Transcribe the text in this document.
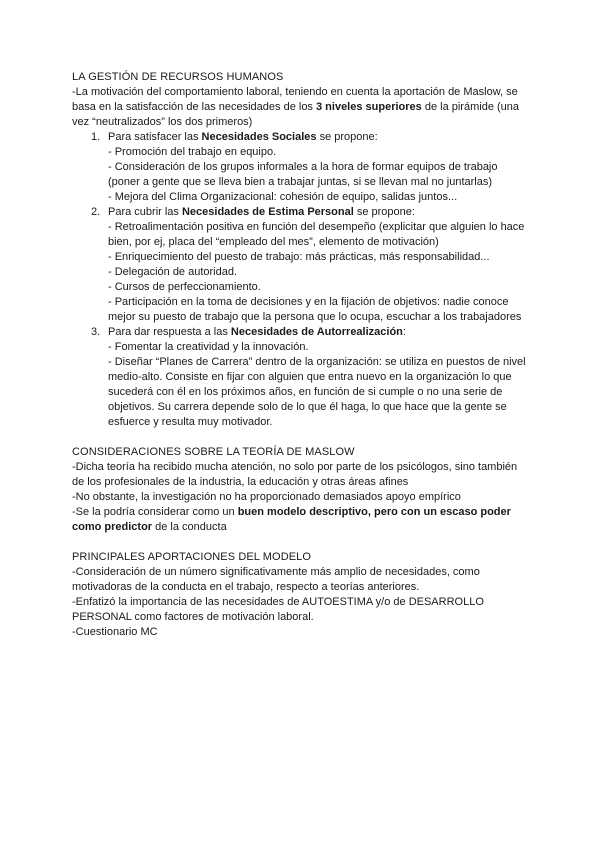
LA GESTIÓN DE RECURSOS HUMANOS
-La motivación del comportamiento laboral, teniendo en cuenta la aportación de Maslow, se basa en la satisfacción de las necesidades de los 3 niveles superiores de la pirámide (una vez “neutralizados” los dos primeros)
1. Para satisfacer las Necesidades Sociales se propone:
- Promoción del trabajo en equipo.
- Consideración de los grupos informales a la hora de formar equipos de trabajo (poner a gente que se lleva bien a trabajar juntas, si se llevan mal no juntarlas)
- Mejora del Clima Organizacional: cohesión de equipo, salidas juntos...
2. Para cubrir las Necesidades de Estima Personal se propone:
- Retroalimentación positiva en función del desempeño (explicitar que alguien lo hace bien, por ej, placa del “empleado del mes”, elemento de motivación)
- Enriquecimiento del puesto de trabajo: más prácticas, más responsabilidad...
- Delegación de autoridad.
- Cursos de perfeccionamiento.
- Participación en la toma de decisiones y en la fijación de objetivos: nadie conoce mejor su puesto de trabajo que la persona que lo ocupa, escuchar a los trabajadores
3. Para dar respuesta a las Necesidades de Autorrealización:
- Fomentar la creatividad y la innovación.
- Diseñar “Planes de Carrera” dentro de la organización: se utiliza en puestos de nivel medio-alto. Consiste en fijar con alguien que entra nuevo en la organización lo que sucederá con él en los próximos años, en función de si cumple o no una serie de objetivos. Su carrera depende solo de lo que él haga, lo que hace que la gente se esfuerce y resulta muy motivador.
CONSIDERACIONES SOBRE LA TEORÍA DE MASLOW
-Dicha teoría ha recibido mucha atención, no solo por parte de los psicólogos, sino también de los profesionales de la industria, la educación y otras áreas afines
-No obstante, la investigación no ha proporcionado demasiados apoyo empírico
-Se la podría considerar como un buen modelo descriptivo, pero con un escaso poder como predictor de la conducta
PRINCIPALES APORTACIONES DEL MODELO
-Consideración de un número significativamente más amplio de necesidades, como motivadoras de la conducta en el trabajo, respecto a teorías anteriores.
-Enfatizó la importancia de las necesidades de AUTOESTIMA y/o de DESARROLLO PERSONAL como factores de motivación laboral.
-Cuestionario MC
